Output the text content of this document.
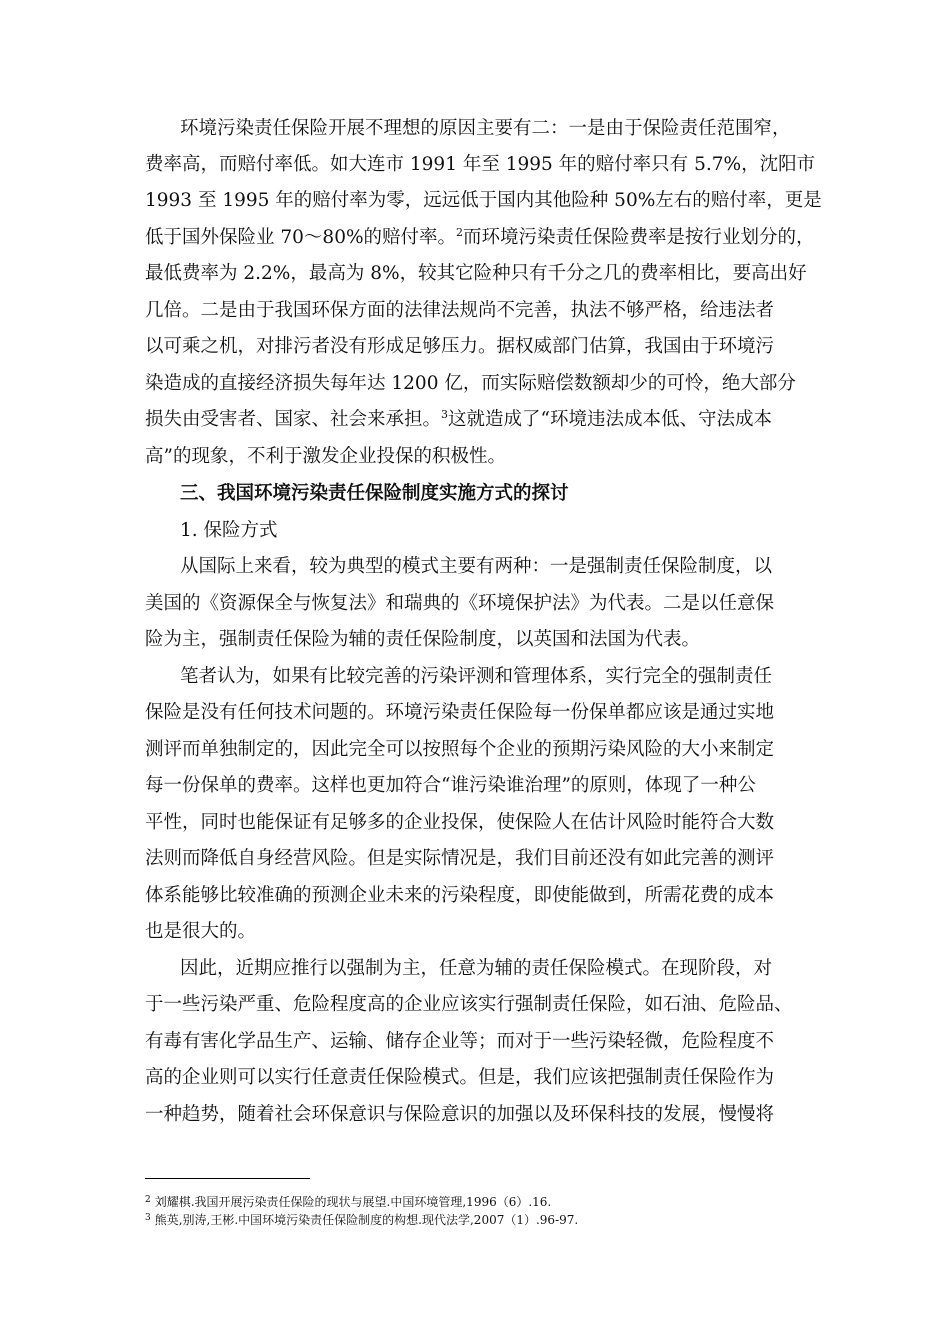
环境污染责任保险开展不理想的原因主要有二：一是由于保险责任范围窄，
费率高，而赔付率低。如大连市 1991 年至 1995 年的赔付率只有 5.7%，沈阳市
1993 至 1995 年的赔付率为零，远远低于国内其他险种 50%左右的赔付率，更是
低于国外保险业 70～80%的赔付率。$^2$而环境污染责任保险费率是按行业划分的，
最低费率为 2.2%，最高为 8%，较其它险种只有千分之几的费率相比，要高出好
几倍。二是由于我国环保方面的法律法规尚不完善，执法不够严格，给违法者
以可乘之机，对排污者没有形成足够压力。据权威部门估算，我国由于环境污
染造成的直接经济损失每年达 1200 亿，而实际赔偿数额却少的可怜，绝大部分
损失由受害者、国家、社会来承担。$^3$这就造成了“环境违法成本低、守法成本
高”的现象，不利于激发企业投保的积极性。
三、我国环境污染责任保险制度实施方式的探讨
1. 保险方式
从国际上来看，较为典型的模式主要有两种：一是强制责任保险制度，以
美国的《资源保全与恢复法》和瑞典的《环境保护法》为代表。二是以任意保
险为主，强制责任保险为辅的责任保险制度，以英国和法国为代表。
笔者认为，如果有比较完善的污染评测和管理体系，实行完全的强制责任
保险是没有任何技术问题的。环境污染责任保险每一份保单都应该是通过实地
测评而单独制定的，因此完全可以按照每个企业的预期污染风险的大小来制定
每一份保单的费率。这样也更加符合“谁污染谁治理”的原则，体现了一种公
平性，同时也能保证有足够多的企业投保，使保险人在估计风险时能符合大数
法则而降低自身经营风险。但是实际情况是，我们目前还没有如此完善的测评
体系能够比较准确的预测企业未来的污染程度，即使能做到，所需花费的成本
也是很大的。
因此，近期应推行以强制为主，任意为辅的责任保险模式。在现阶段，对
于一些污染严重、危险程度高的企业应该实行强制责任保险，如石油、危险品、
有毒有害化学品生产、运输、储存企业等；而对于一些污染轻微，危险程度不
高的企业则可以实行任意责任保险模式。但是，我们应该把强制责任保险作为
一种趋势，随着社会环保意识与保险意识的加强以及环保科技的发展，慢慢将
$^2$ 刘耀棋.我国开展污染责任保险的现状与展望.中国环境管理,1996（6）.16.
$^3$ 熊英,别涛,王彬.中国环境污染责任保险制度的构想.现代法学,2007（1）.96-97.
